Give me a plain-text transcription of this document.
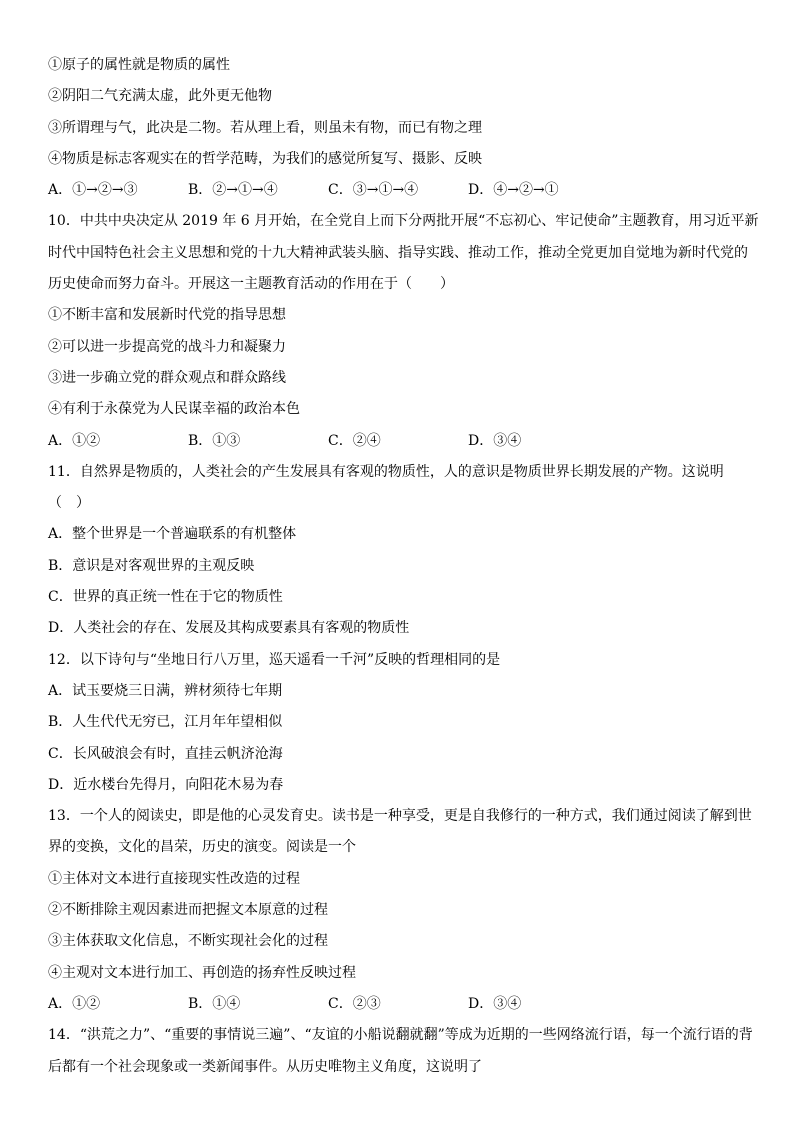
①原子的属性就是物质的属性
②阴阳二气充满太虚，此外更无他物
③所谓理与气，此决是二物。若从理上看，则虽未有物，而已有物之理
④物质是标志客观实在的哲学范畴，为我们的感觉所复写、摄影、反映
A．①→②→③	B．②→①→④	C．③→①→④	D．④→②→①
10．中共中央决定从 2019 年 6 月开始，在全党自上而下分两批开展“不忘初心、牢记使命”主题教育，用习近平新
时代中国特色社会主义思想和党的十九大精神武装头脑、指导实践、推动工作，推动全党更加自觉地为新时代党的
历史使命而努力奋斗。开展这一主题教育活动的作用在于（　　）
①不断丰富和发展新时代党的指导思想
②可以进一步提高党的战斗力和凝聚力
③进一步确立党的群众观点和群众路线
④有利于永葆党为人民谋幸福的政治本色
A．①②	B．①③	C．②④	D．③④
11．自然界是物质的，人类社会的产生发展具有客观的物质性，人的意识是物质世界长期发展的产物。这说明
（　）
A．整个世界是一个普遍联系的有机整体
B．意识是对客观世界的主观反映
C．世界的真正统一性在于它的物质性
D．人类社会的存在、发展及其构成要素具有客观的物质性
12．以下诗句与“坐地日行八万里，巡天遥看一千河”反映的哲理相同的是
A．试玉要烧三日满，辨材须待七年期
B．人生代代无穷已，江月年年望相似
C．长风破浪会有时，直挂云帆济沧海
D．近水楼台先得月，向阳花木易为春
13．一个人的阅读史，即是他的心灵发育史。读书是一种享受，更是自我修行的一种方式，我们通过阅读了解到世
界的变换，文化的昌荣，历史的演变。阅读是一个
①主体对文本进行直接现实性改造的过程
②不断排除主观因素进而把握文本原意的过程
③主体获取文化信息，不断实现社会化的过程
④主观对文本进行加工、再创造的扬弃性反映过程
A．①②	B．①④	C．②③	D．③④
14．“洪荒之力”、“重要的事情说三遍”、“友谊的小船说翻就翻”等成为近期的一些网络流行语，每一个流行语的背
后都有一个社会现象或一类新闻事件。从历史唯物主义角度，这说明了
